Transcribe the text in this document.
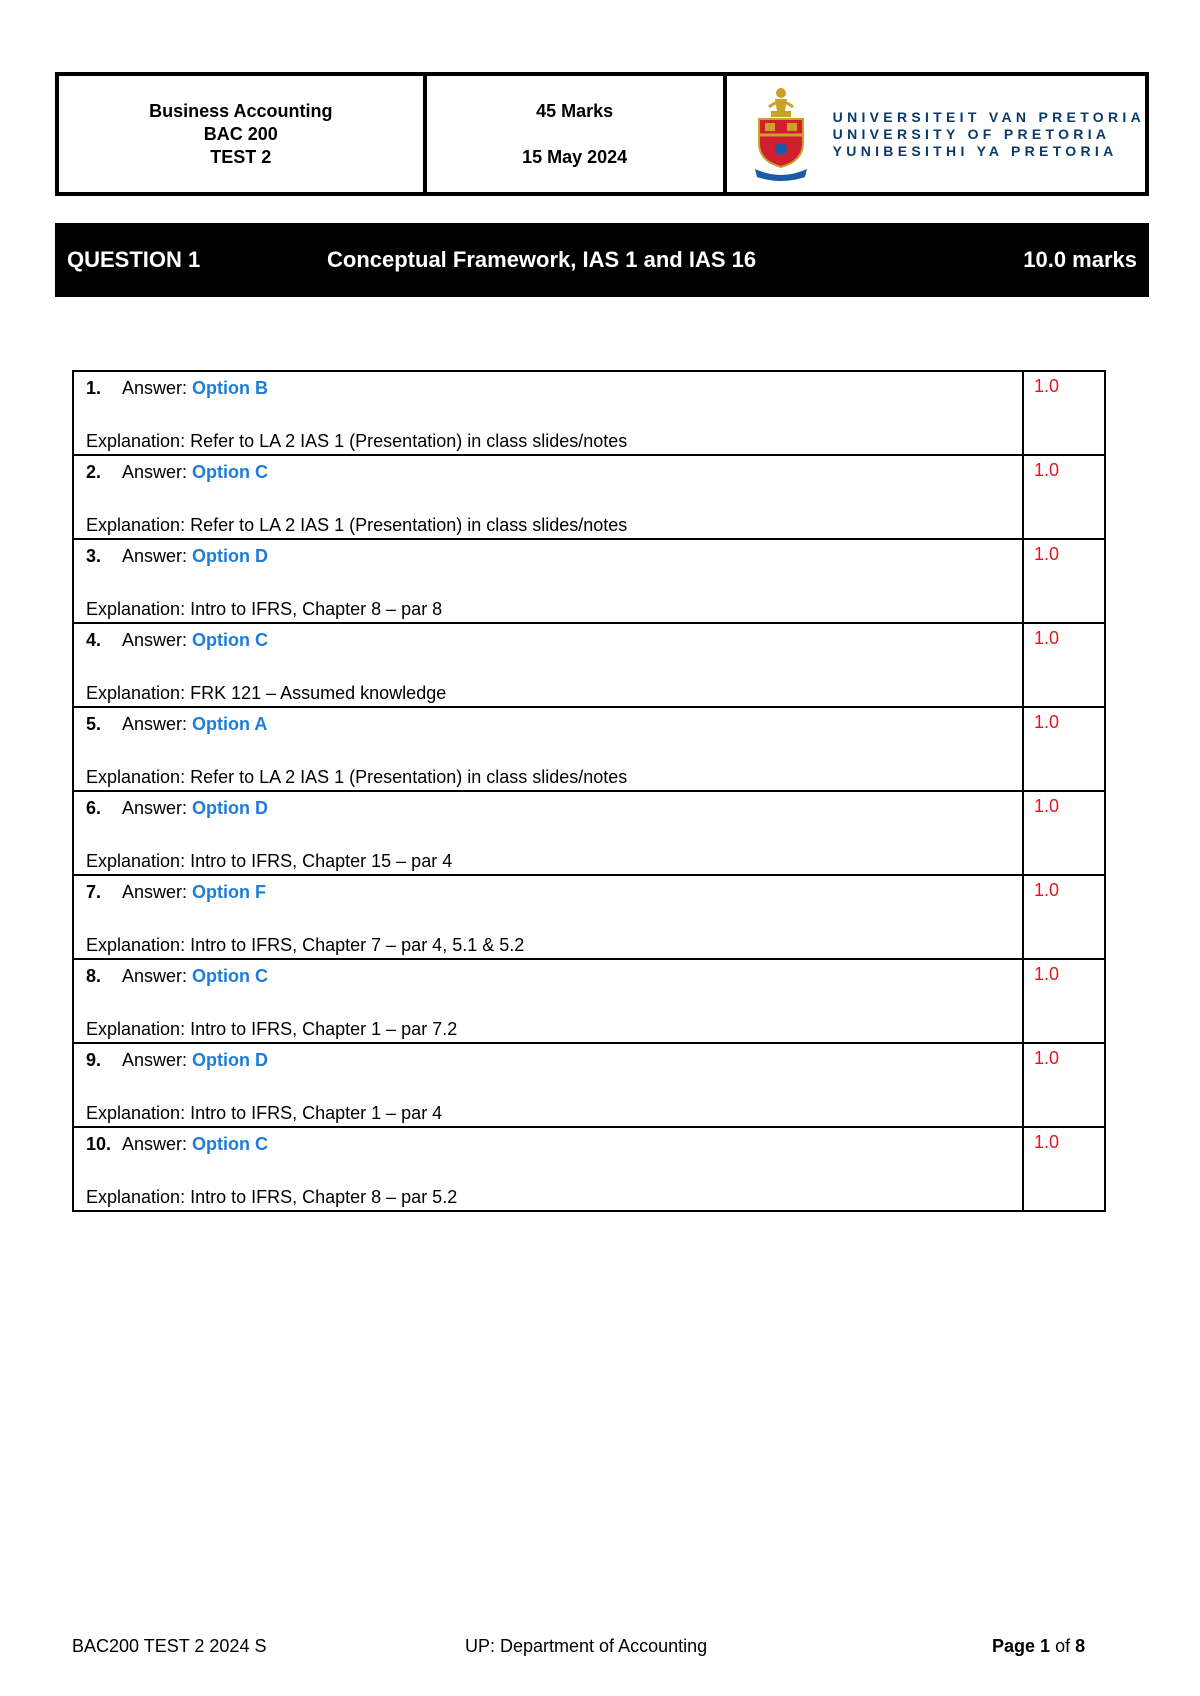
Business Accounting
BAC 200
TEST 2
45 Marks
15 May 2024
UNIVERSITEIT VAN PRETORIA
UNIVERSITY OF PRETORIA
YUNIBESITHI YA PRETORIA
QUESTION 1	Conceptual Framework, IAS 1 and IAS 16	10.0 marks
1. Answer: Option B
Explanation: Refer to LA 2 IAS 1 (Presentation) in class slides/notes	1.0

2. Answer: Option C
Explanation: Refer to LA 2 IAS 1 (Presentation) in class slides/notes	1.0

3. Answer: Option D
Explanation: Intro to IFRS, Chapter 8 – par 8	1.0

4. Answer: Option C
Explanation: FRK 121 – Assumed knowledge	1.0

5. Answer: Option A
Explanation: Refer to LA 2 IAS 1 (Presentation) in class slides/notes	1.0

6. Answer: Option D
Explanation: Intro to IFRS, Chapter 15 – par 4	1.0

7. Answer: Option F
Explanation: Intro to IFRS, Chapter 7 – par 4, 5.1 & 5.2	1.0

8. Answer: Option C
Explanation: Intro to IFRS, Chapter 1 – par 7.2	1.0

9. Answer: Option D
Explanation: Intro to IFRS, Chapter 1 – par 4	1.0

10. Answer: Option C
Explanation: Intro to IFRS, Chapter 8 – par 5.2	1.0
BAC200 TEST 2 2024 S	UP: Department of Accounting	Page 1 of 8
